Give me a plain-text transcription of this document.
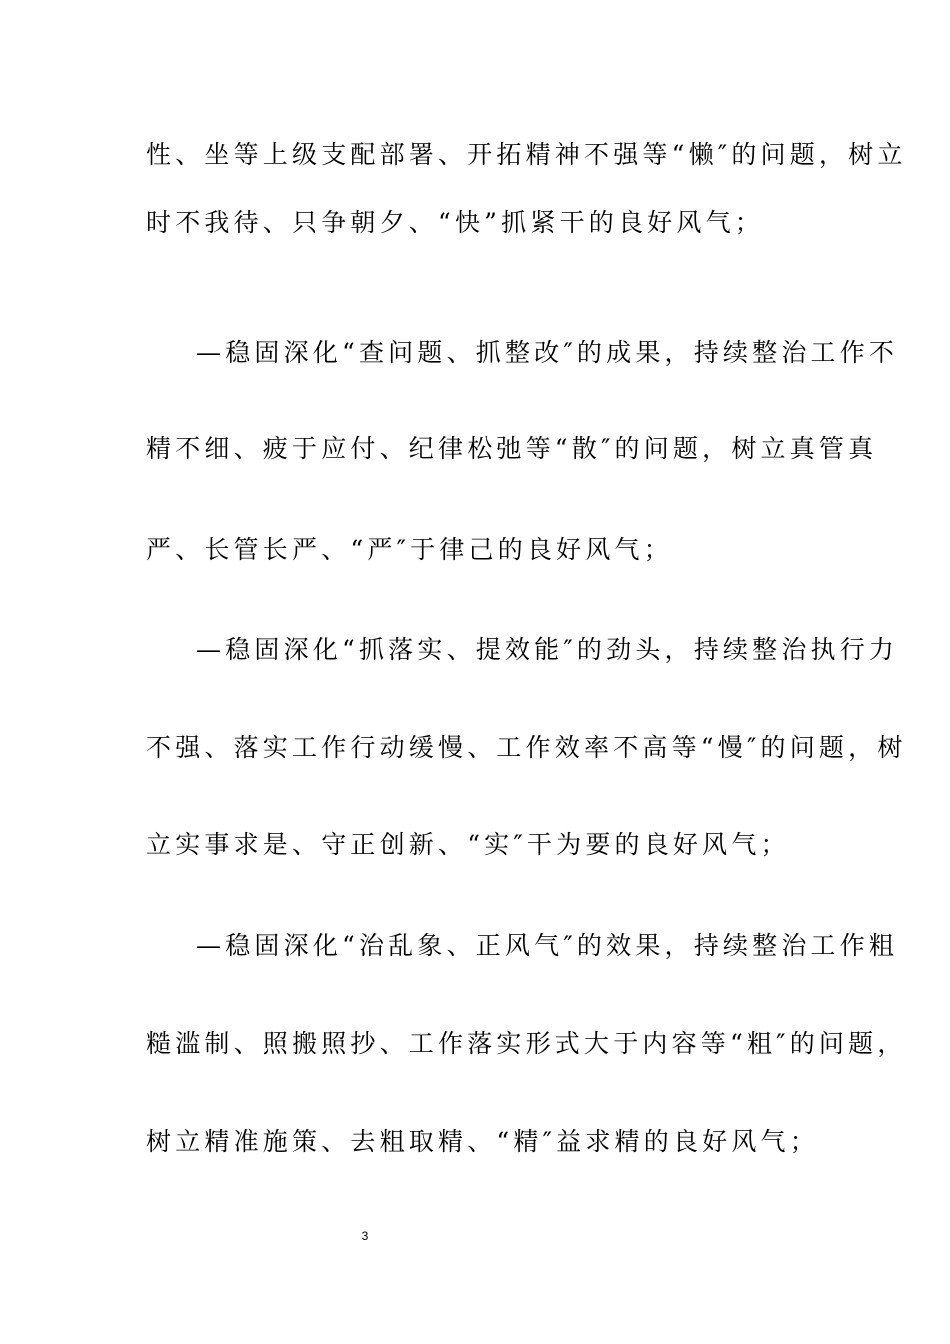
性、坐等上级支配部署、开拓精神不强等“懒″的问题，树立
时不我待、只争朝夕、“快”抓紧干的良好风气；
—稳固深化“查问题、抓整改″的成果，持续整治工作不
精不细、疲于应付、纪律松弛等“散″的问题，树立真管真
严、长管长严、“严″于律己的良好风气；
—稳固深化“抓落实、提效能″的劲头，持续整治执行力
不强、落实工作行动缓慢、工作效率不高等“慢″的问题，树
立实事求是、守正创新、“实″干为要的良好风气；
—稳固深化“治乱象、正风气″的效果，持续整治工作粗
糙滥制、照搬照抄、工作落实形式大于内容等“粗″的问题，
树立精准施策、去粗取精、“精″益求精的良好风气；
3
